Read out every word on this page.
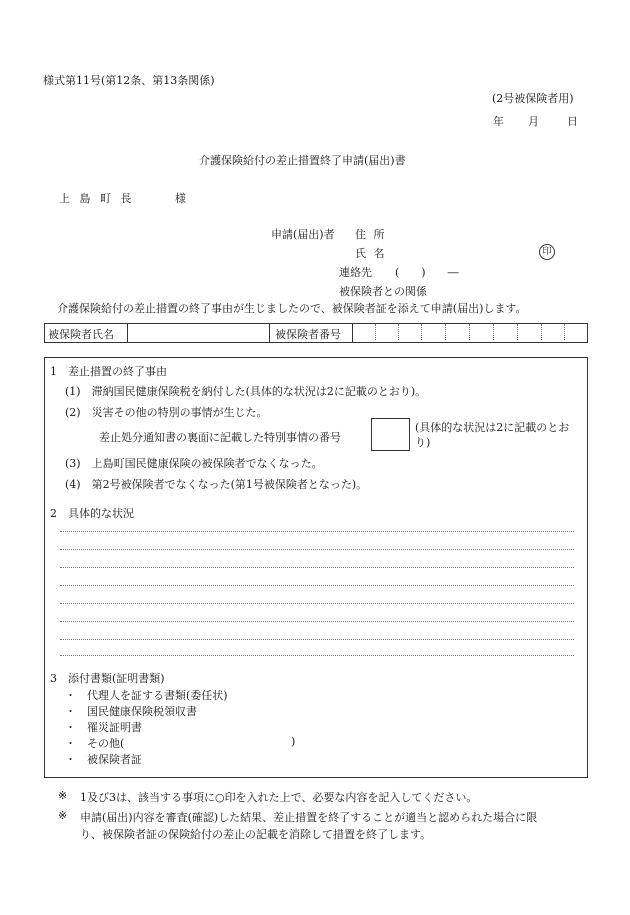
様式第11号(第12条、第13条関係)
(2号被保険者用)
年 月	日
介護保険給付の差止措置終了申請(届出)書
上 島 町 長	様
申請(届出)者 住 所
氏 名	印
連絡先 (　　)　　―
被保険者との関係
介護保険給付の差止措置の終了事由が生じましたので、被保険者証を添えて申請(届出)します。
被保険者氏名	被保険者番号
1　差止措置の終了事由
(1)　滞納国民健康保険税を納付した(具体的な状況は2に記載のとおり)。
(2)　災害その他の特別の事情が生じた。
差止処分通知書の裏面に記載した特別事情の番号
(具体的な状況は2に記載のとお
り)
(3)　上島町国民健康保険の被保険者でなくなった。
(4)　第2号被保険者でなくなった(第1号被保険者となった)。
2　具体的な状況
3　添付書類(証明書類)
・ 代理人を証する書類(委任状)
・ 国民健康保険税領収書
・ 罹災証明書
・ その他(	)
・ 被保険者証
※ 1及び3は、該当する事項に○印を入れた上で、必要な内容を記入してください。
※ 申請(届出)内容を審査(確認)した結果、差止措置を終了することが適当と認められた場合に限
り、被保険者証の保険給付の差止の記載を消除して措置を終了します。
